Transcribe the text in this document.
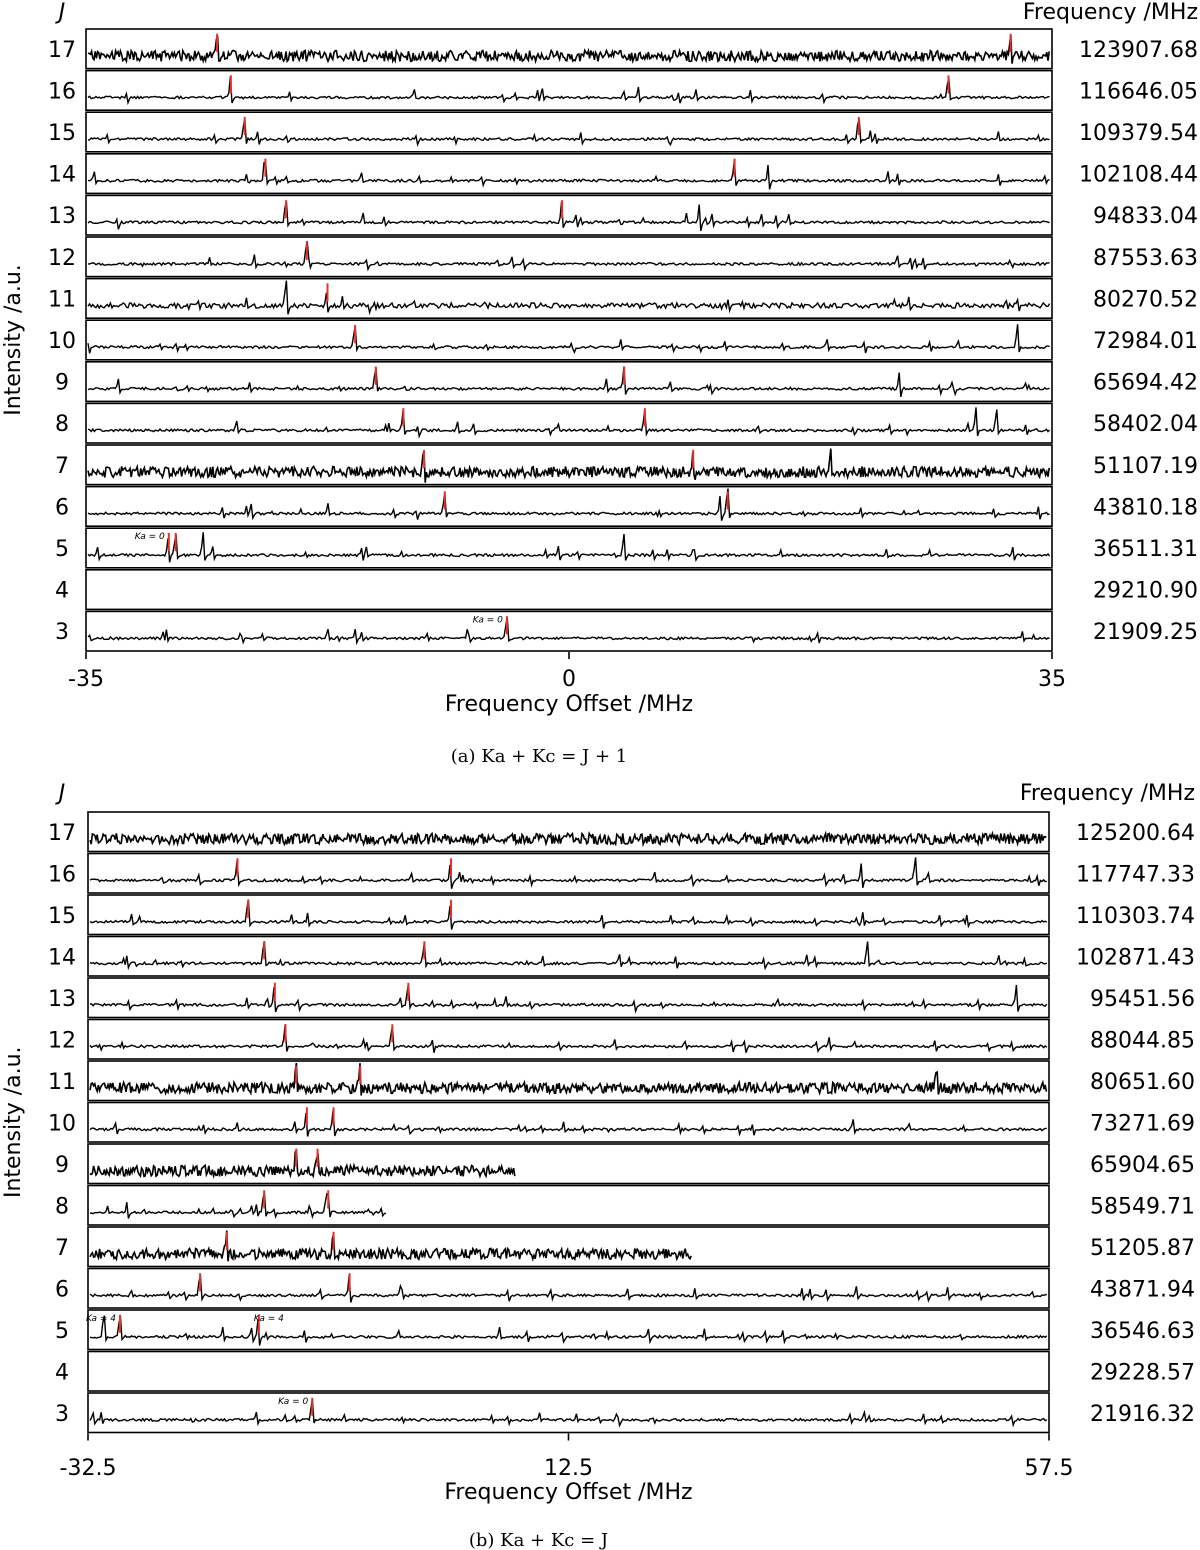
J	Frequency /MHz
17	123907.68
16	116646.05
15	109379.54
14	102108.44
13	94833.04
12	87553.63
11	80270.52
10	72984.01
9	65694.42
8	58402.04
7	51107.19
6	43810.18
5	36511.31
Ka = 0
4	29210.90
3	21909.25
Ka = 0
Intensity /a.u.
-35	0	35
Frequency Offset /MHz
(a) Ka + Kc = J + 1
J	Frequency /MHz
17	125200.64
16	117747.33
15	110303.74
14	102871.43
13	95451.56
12	88044.85
11	80651.60
10	73271.69
9	65904.65
8	58549.71
7	51205.87
6	43871.94
5	36546.63
Ka = 4	Ka = 4
4	29228.57
3	21916.32
Ka = 0
Intensity /a.u.
-32.5	12.5	57.5
Frequency Offset /MHz
(b) Ka + Kc = J
